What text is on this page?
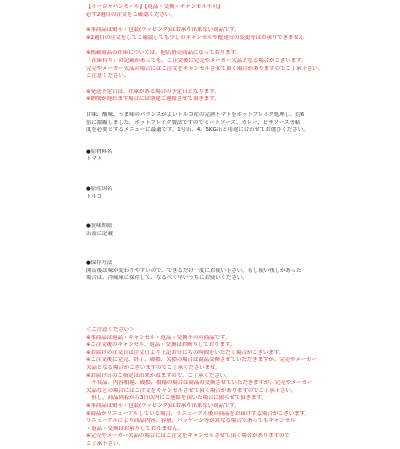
【イージャパンモール】【返品・交換・キャンセル不可】
必ず2週目の注文をご確認ください。
※本商品は熨斗・包装(ラッピング)はお承り出来ない商品です。
※2週目の注文をしてご確認しても少しのキャンセルや配達日の変更等はお承りできません
※掲載商品の在庫については、他店併売商品になっております。
「在庫有り」の記載があっても、ご注文後に完売やメーカー欠品となる場合がございます。
完売やメーカー欠品の場合にはご注文をキャンセルさせて頂く場合がありますのでご了承下さい。
ご注意ください。
※発送予定日は、在庫がある場合の予定日となります。
※納期が遅れます場合には別途ご連絡させて頂きます。
甘味、酸味、うま味のバランスがよいトルコ産の完熟トマトをホットブレイク処理し、約6
倍に濃縮しました。ホットブレイク製法ですのでミートソース、カレー、ピザソース等粘
度を必要とするメニューに最適です。1号缶、4．5KG缶と用途に合わせてお選びください。
●原材料名
トマト
●原産国名
トルコ
●賞味期限
缶蓋に記載
●保存方法
開缶後は味が変わりやすいので、できるだけ一度にお使い下さい。もし使い残しがあった
場合は、冷蔵庫に保存して、なるべく早いうちにお使いください。
＜ご注意ください＞
※本商品は返品・キャンセル・返品・交換不可の商品です。
※ご注文後のキャンセル、返品・交換はお断りしております。
※お届けの注文日は注文日より上記お日にちの時間をいただく場合がございます。
※ご注文後に完売、終了、破損、欠損の場合は商品交換させていただきますが、完売やメーカー
欠品となる場合がございますのでご了承くださいませ。
※お届け日のご指定は出来かねますので、ご了承ください。
　不良品、内容相違、破損、損傷の場合は商品の交換させていただきますが、完売やメーカー
欠品などの場合にはご注文をキャンセルさせて頂く場合がありますのでご了承下さい。
　但し、商品到着から3日以内にご連絡を頂いた場合に限らせて頂きます。
※本商品は熨斗・包装(ラッピング)はお承り出来ない商品です。
※商品がリニューアルしている場合、リニューアル後の商品をお届けする場合がございます。
リニューアルにより商品内容、容量、パッケージ等が異なる場合であってもキャンセル
・返品・交換はお承りしておりません。
※完売やメーカー欠品の場合にはご注文をキャンセルさせて頂く場合がありますので
ご了承下さい。
